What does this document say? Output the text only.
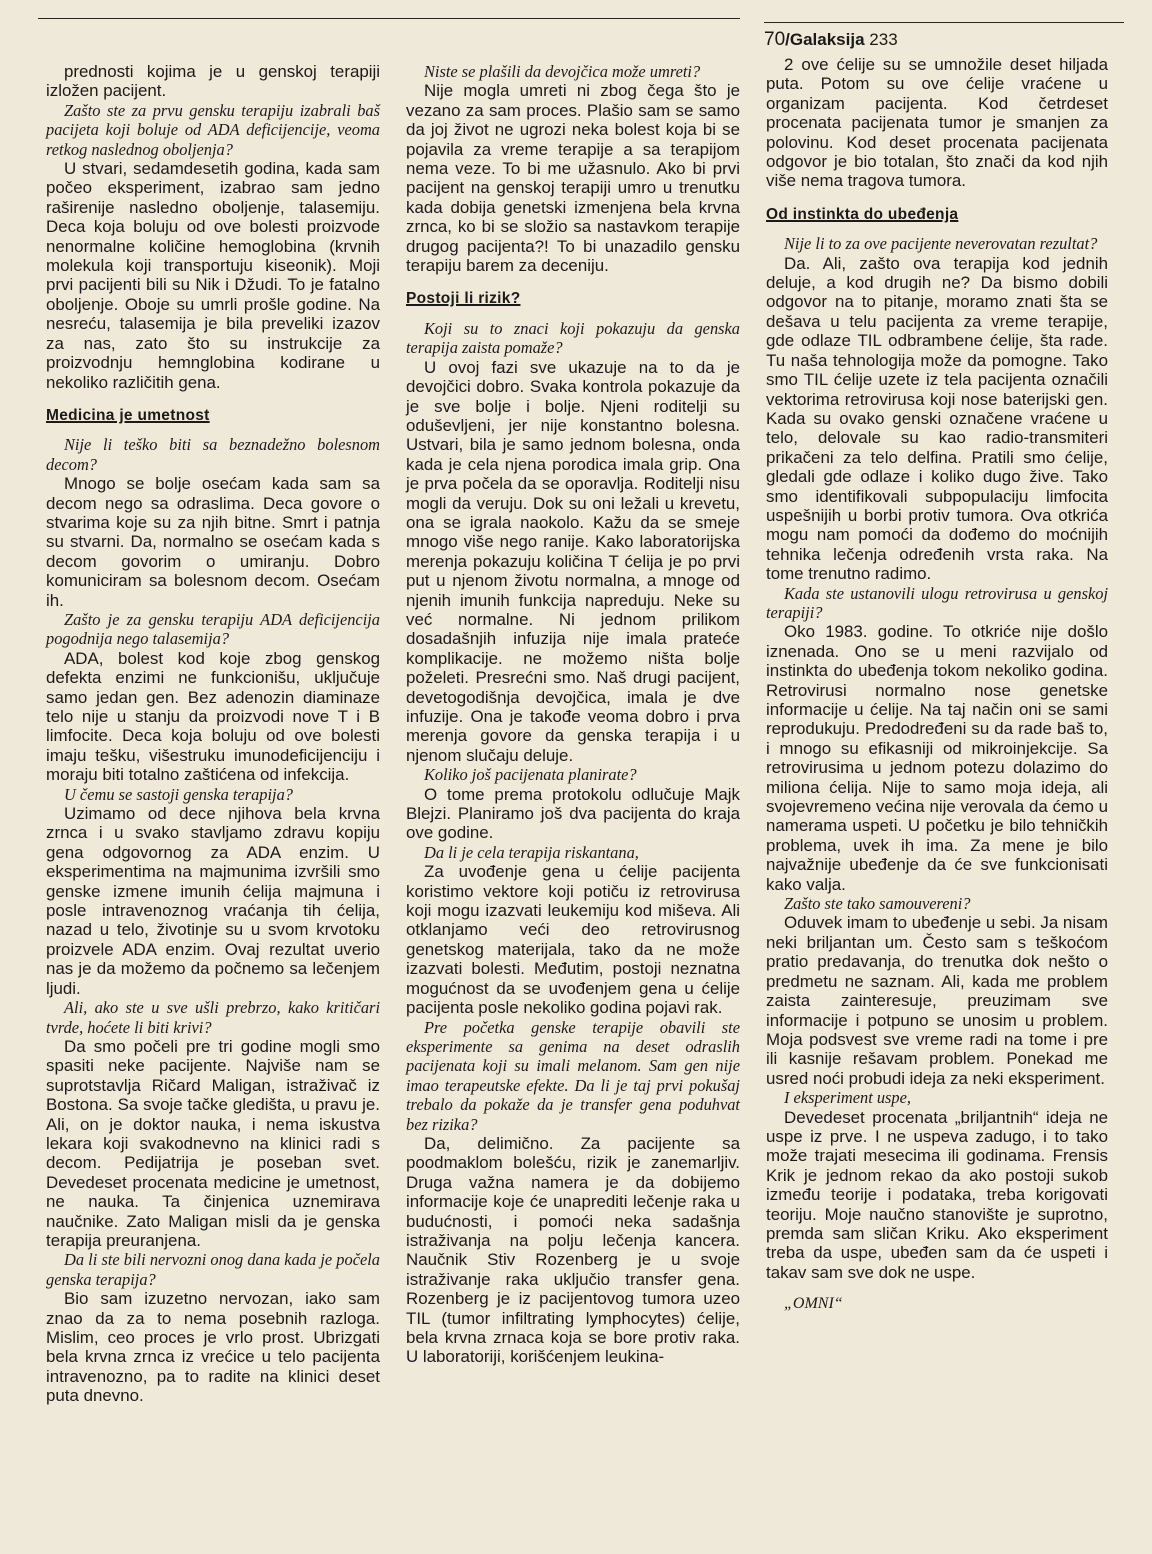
70/Galaksija 233

prednosti kojima je u genskoj terapiji izložen pacijent.

Zašto ste za prvu gensku terapiju izabrali baš pacijeta koji boluje od ADA deficijencije, veoma retkog naslednog oboljenja?

U stvari, sedamdesetih godina, kada sam počeo eksperiment, izabrao sam jedno raširenije nasledno oboljenje, talasemiju. Deca koja boluju od ove bolesti proizvode nenormalne količine hemoglobina (krvnih molekula koji transportuju kiseonik). Moji prvi pacijenti bili su Nik i Džudi. To je fatalno oboljenje. Oboje su umrli prošle godine. Na nesreću, talasemija je bila preveliki izazov za nas, zato što su instrukcije za proizvodnju hemnglobina kodirane u nekoliko različitih gena.

Medicina je umetnost

Nije li teško biti sa beznadežno bolesnom decom?

Mnogo se bolje osećam kada sam sa decom nego sa odraslima. Deca govore o stvarima koje su za njih bitne. Smrt i patnja su stvarni. Da, normalno se osećam kada s decom govorim o umiranju. Dobro komuniciram sa bolesnom decom. Osećam ih.

Zašto je za gensku terapiju ADA deficijencija pogodnija nego talasemija?

ADA, bolest kod koje zbog genskog defekta enzimi ne funkcionišu, uključuje samo jedan gen. Bez adenozin diaminaze telo nije u stanju da proizvodi nove T i B limfocite. Deca koja boluju od ove bolesti imaju tešku, višestruku imunodeficijenciju i moraju biti totalno zaštićena od infekcija.

U čemu se sastoji genska terapija?

Uzimamo od dece njihova bela krvna zrnca i u svako stavljamo zdravu kopiju gena odgovornog za ADA enzim. U eksperimentima na majmunima izvršili smo genske izmene imunih ćelija majmuna i posle intravenoznog vraćanja tih ćelija, nazad u telo, životinje su u svom krvotoku proizvele ADA enzim. Ovaj rezultat uverio nas je da možemo da počnemo sa lečenjem ljudi.

Ali, ako ste u sve ušli prebrzo, kako kritičari tvrde, hoćete li biti krivi?

Da smo počeli pre tri godine mogli smo spasiti neke pacijente. Najviše nam se suprotstavlja Ričard Maligan, istraživač iz Bostona. Sa svoje tačke gledišta, u pravu je. Ali, on je doktor nauka, i nema iskustva lekara koji svakodnevno na klinici radi s decom. Pedijatrija je poseban svet. Devedeset procenata medicine je umetnost, ne nauka. Ta činjenica uznemirava naučnike. Zato Maligan misli da je genska terapija preuranjena.

Da li ste bili nervozni onog dana kada je počela genska terapija?

Bio sam izuzetno nervozan, iako sam znao da za to nema posebnih razloga. Mislim, ceo proces je vrlo prost. Ubrizgati bela krvna zrnca iz vrećice u telo pacijenta intravenozno, pa to radite na klinici deset puta dnevno.

Niste se plašili da devojčica može umreti?

Nije mogla umreti ni zbog čega što je vezano za sam proces. Plašio sam se samo da joj život ne ugrozi neka bolest koja bi se pojavila za vreme terapije a sa terapijom nema veze. To bi me užasnulo. Ako bi prvi pacijent na genskoj terapiji umro u trenutku kada dobija genetski izmenjena bela krvna zrnca, ko bi se složio sa nastavkom terapije drugog pacijenta?! To bi unazadilo gensku terapiju barem za deceniju.

Postoji li rizik?

Koji su to znaci koji pokazuju da genska terapija zaista pomaže?

U ovoj fazi sve ukazuje na to da je devojčici dobro. Svaka kontrola pokazuje da je sve bolje i bolje. Njeni roditelji su oduševljeni, jer nije konstantno bolesna. Ustvari, bila je samo jednom bolesna, onda kada je cela njena porodica imala grip. Ona je prva počela da se oporavlja. Roditelji nisu mogli da veruju. Dok su oni ležali u krevetu, ona se igrala naokolo. Kažu da se smeje mnogo više nego ranije. Kako laboratorijska merenja pokazuju količina T ćelija je po prvi put u njenom životu normalna, a mnoge od njenih imunih funkcija napreduju. Neke su već normalne. Ni jednom prilikom dosadašnjih infuzija nije imala prateće komplikacije. ne možemo ništa bolje poželeti. Presrećni smo. Naš drugi pacijent, devetogodišnja devojčica, imala je dve infuzije. Ona je takođe veoma dobro i prva merenja govore da genska terapija i u njenom slučaju deluje.

Koliko još pacijenata planirate?

O tome prema protokolu odlučuje Majk Blejzi. Planiramo još dva pacijenta do kraja ove godine.

Da li je cela terapija riskantana,

Za uvođenje gena u ćelije pacijenta koristimo vektore koji potiču iz retrovirusa koji mogu izazvati leukemiju kod miševa. Ali otklanjamo veći deo retrovirusnog genetskog materijala, tako da ne može izazvati bolesti. Međutim, postoji neznatna mogućnost da se uvođenjem gena u ćelije pacijenta posle nekoliko godina pojavi rak.

Pre početka genske terapije obavili ste eksperimente sa genima na deset odraslih pacijenata koji su imali melanom. Sam gen nije imao terapeutske efekte. Da li je taj prvi pokušaj trebalo da pokaže da je transfer gena poduhvat bez rizika?

Da, delimično. Za pacijente sa poodmaklom bolešću, rizik je zanemarljiv. Druga važna namera je da dobijemo informacije koje će unaprediti lečenje raka u budućnosti, i pomoći neka sadašnja istraživanja na polju lečenja kancera. Naučnik Stiv Rozenberg je u svoje istraživanje raka uključio transfer gena. Rozenberg je iz pacijentovog tumora uzeo TIL (tumor infiltrating lymphocytes) ćelije, bela krvna zrnaca koja se bore protiv raka. U laboratoriji, korišćenjem leukina-

2 ove ćelije su se umnožile deset hiljada puta. Potom su ove ćelije vraćene u organizam pacijenta. Kod četrdeset procenata pacijenata tumor je smanjen za polovinu. Kod deset procenata pacijenata odgovor je bio totalan, što znači da kod njih više nema tragova tumora.

Od instinkta do ubeđenja

Nije li to za ove pacijente neverovatan rezultat?

Da. Ali, zašto ova terapija kod jednih deluje, a kod drugih ne? Da bismo dobili odgovor na to pitanje, moramo znati šta se dešava u telu pacijenta za vreme terapije, gde odlaze TIL odbrambene ćelije, šta rade. Tu naša tehnologija može da pomogne. Tako smo TIL ćelije uzete iz tela pacijenta označili vektorima retrovirusa koji nose baterijski gen. Kada su ovako genski označene vraćene u telo, delovale su kao radio-transmiteri prikačeni za telo delfina. Pratili smo ćelije, gledali gde odlaze i koliko dugo žive. Tako smo identifikovali subpopulaciju limfocita uspešnijih u borbi protiv tumora. Ova otkrića mogu nam pomoći da dođemo do moćnijih tehnika lečenja određenih vrsta raka. Na tome trenutno radimo.

Kada ste ustanovili ulogu retrovirusa u genskoj terapiji?

Oko 1983. godine. To otkriće nije došlo iznenada. Ono se u meni razvijalo od instinkta do ubeđenja tokom nekoliko godina. Retrovirusi normalno nose genetske informacije u ćelije. Na taj način oni se sami reprodukuju. Predodređeni su da rade baš to, i mnogo su efikasniji od mikroinjekcije. Sa retrovirusima u jednom potezu dolazimo do miliona ćelija. Nije to samo moja ideja, ali svojevremeno većina nije verovala da ćemo u namerama uspeti. U početku je bilo tehničkih problema, uvek ih ima. Za mene je bilo najvažnije ubeđenje da će sve funkcionisati kako valja.

Zašto ste tako samouvereni?

Oduvek imam to ubeđenje u sebi. Ja nisam neki briljantan um. Često sam s teškoćom pratio predavanja, do trenutka dok nešto o predmetu ne saznam. Ali, kada me problem zaista zainteresuje, preuzimam sve informacije i potpuno se unosim u problem. Moja podsvest sve vreme radi na tome i pre ili kasnije rešavam problem. Ponekad me usred noći probudi ideja za neki eksperiment.

I eksperiment uspe,

Devedeset procenata „briljantnih“ ideja ne uspe iz prve. I ne uspeva zadugo, i to tako može trajati mesecima ili godinama. Frensis Krik je jednom rekao da ako postoji sukob između teorije i podataka, treba korigovati teoriju. Moje naučno stanovište je suprotno, premda sam sličan Kriku. Ako eksperiment treba da uspe, ubeđen sam da će uspeti i takav sam sve dok ne uspe.

„OMNI“
